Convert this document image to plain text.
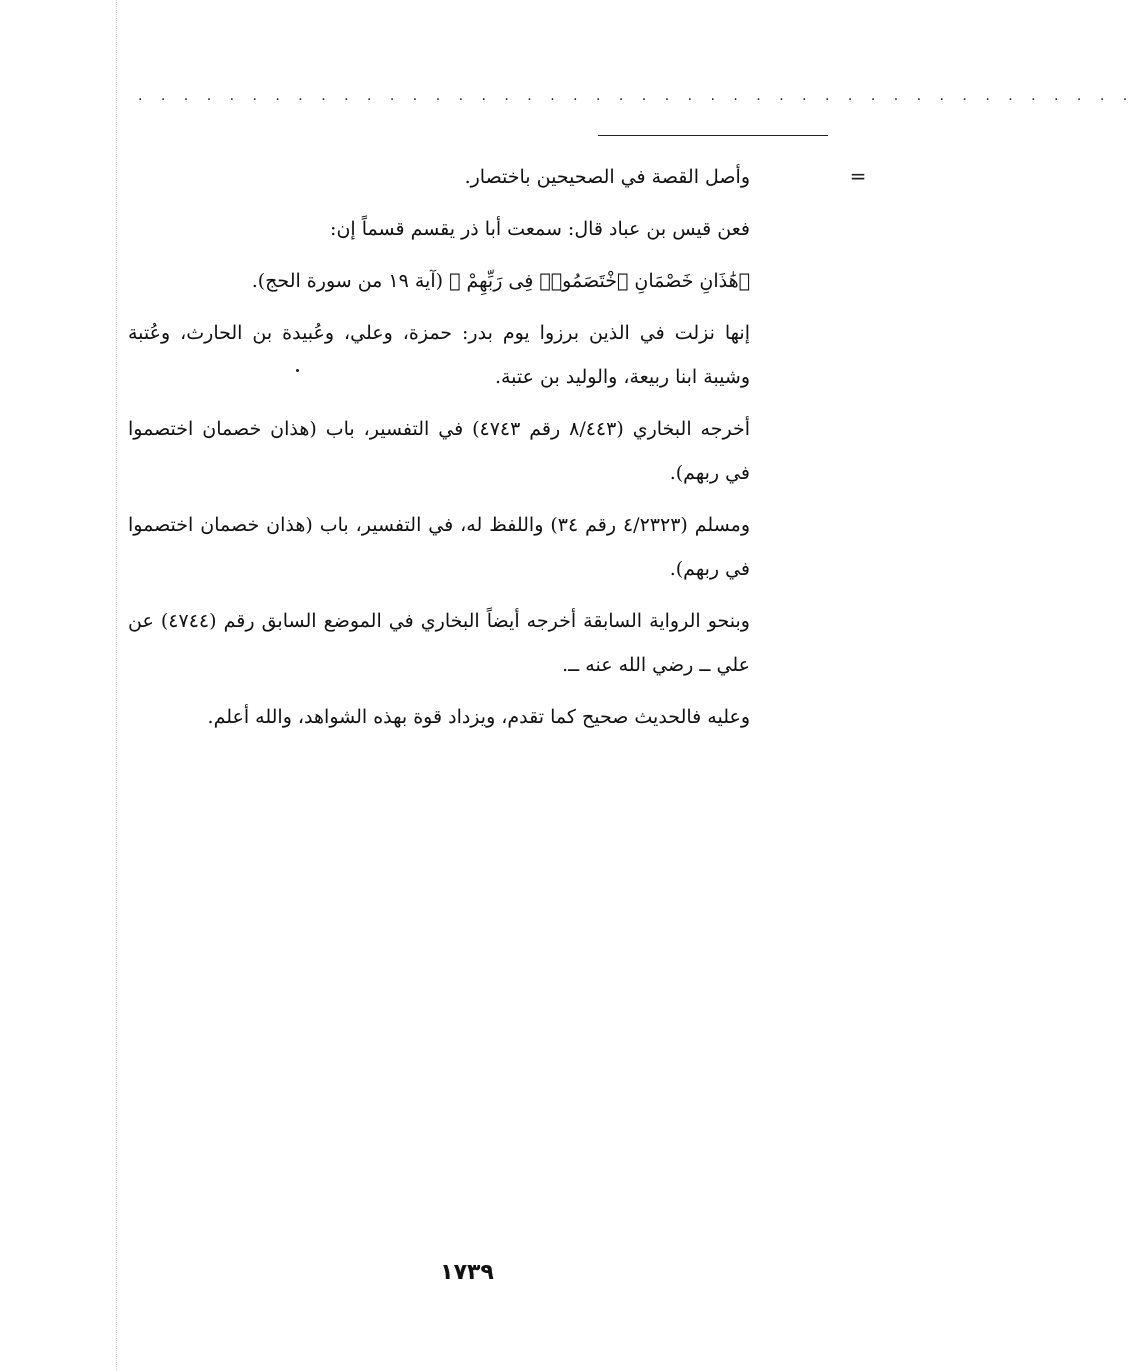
. . . . . . . . . . . . . . . . . . . . . . . . . . . . . . . . . . . . . . . . . . . .
=

وأصل القصة في الصحيحين باختصار.

فعن قيس بن عباد قال: سمعت أبا ذر يقسم قسماً إن:

﴿هَٰذَانِ خَصْمَانِ ٱخْتَصَمُوا۟ فِى رَبِّهِمْ ﴾ (آية ١٩ من سورة الحج).

إنها نزلت في الذين برزوا يوم بدر: حمزة، وعلي، وعُبيدة بن الحارث، وعُتبة وشيبة ابنا ربيعة، والوليد بن عتبة.

أخرجه البخاري (٨/٤٤٣ رقم ٤٧٤٣) في التفسير، باب (هذان خصمان اختصموا في ربهم).

ومسلم (٤/٢٣٢٣ رقم ٣٤) واللفظ له، في التفسير، باب (هذان خصمان اختصموا في ربهم).

وبنحو الرواية السابقة أخرجه أيضاً البخاري في الموضع السابق رقم (٤٧٤٤) عن علي ــ رضي الله عنه ــ.

وعليه فالحديث صحيح كما تقدم، ويزداد قوة بهذه الشواهد، والله أعلم.

١٧٣٩
